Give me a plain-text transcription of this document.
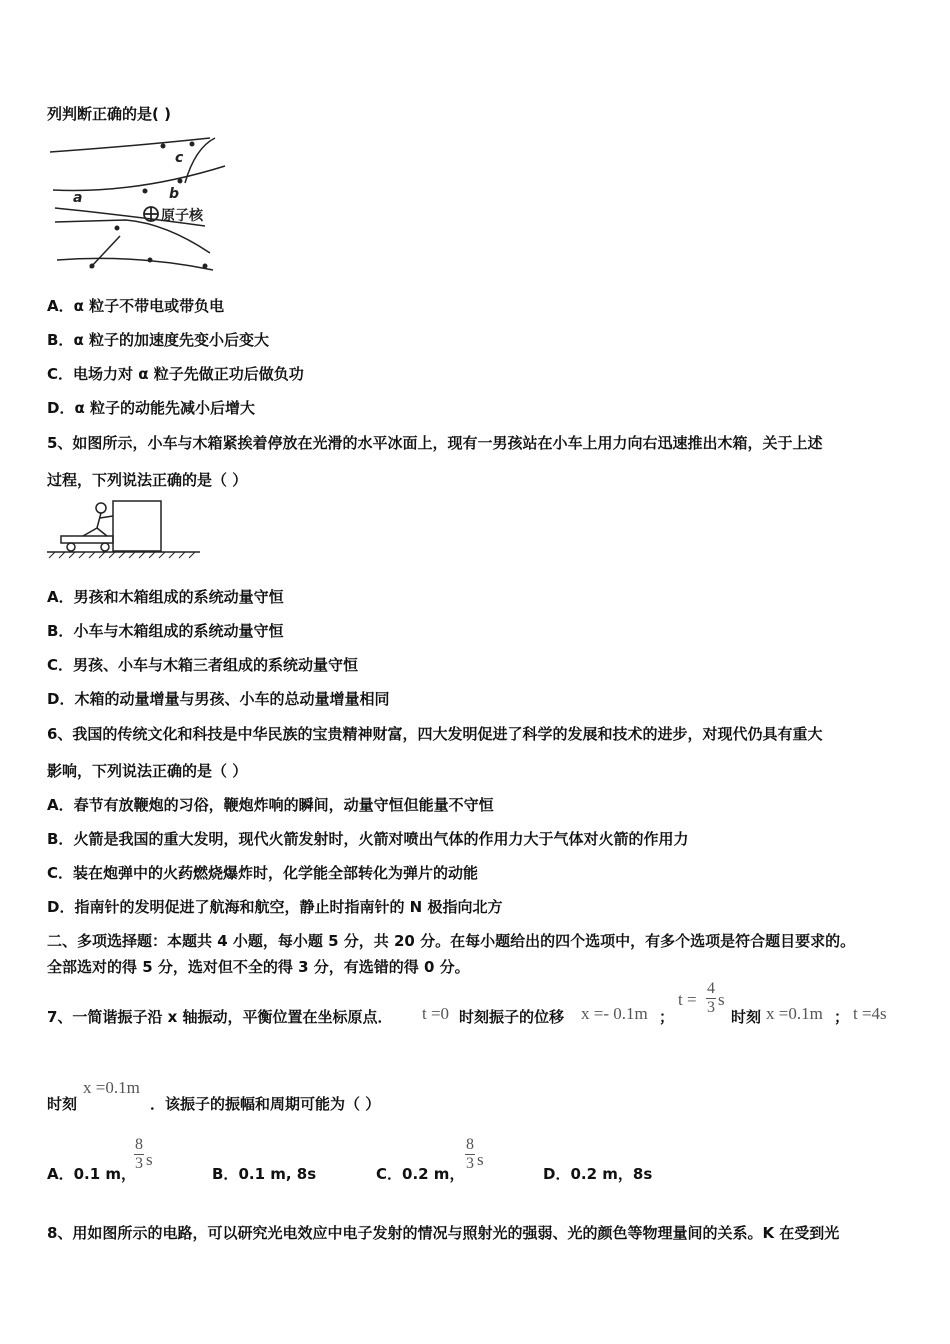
列判断正确的是( )
a	b
c
原子核
A．α 粒子不带电或带负电
B．α 粒子的加速度先变小后变大
C．电场力对 α 粒子先做正功后做负功
D．α 粒子的动能先减小后增大
5、如图所示，小车与木箱紧挨着停放在光滑的水平冰面上，现有一男孩站在小车上用力向右迅速推出木箱，关于上述
过程，下列说法正确的是（ ）
A．男孩和木箱组成的系统动量守恒
B．小车与木箱组成的系统动量守恒
C．男孩、小车与木箱三者组成的系统动量守恒
D．木箱的动量增量与男孩、小车的总动量增量相同
6、我国的传统文化和科技是中华民族的宝贵精神财富，四大发明促进了科学的发展和技术的进步，对现代仍具有重大
影响，下列说法正确的是（ ）
A．春节有放鞭炮的习俗，鞭炮炸响的瞬间，动量守恒但能量不守恒
B．火箭是我国的重大发明，现代火箭发射时，火箭对喷出气体的作用力大于气体对火箭的作用力
C．装在炮弹中的火药燃烧爆炸时，化学能全部转化为弹片的动能
D．指南针的发明促进了航海和航空，静止时指南针的 N 极指向北方
二、多项选择题：本题共 4 小题，每小题 5 分，共 20 分。在每小题给出的四个选项中，有多个选项是符合题目要求的。
全部选对的得 5 分，选对但不全的得 3 分，有选错的得 0 分。
7、一简谐振子沿 x 轴振动，平衡位置在坐标原点． t =0 时刻振子的位移 x =- 0.1m ；
t =
4
3 s
时刻 x =0.1m ； t =4s
时刻
x =0.1m
．该振子的振幅和周期可能为（ ）
A．0.1 m，
8
3 s
B．0.1 m, 8s	C．0.2 m，
8
3 s
D．0.2 m，8s
8、用如图所示的电路，可以研究光电效应中电子发射的情况与照射光的强弱、光的颜色等物理量间的关系。K 在受到光
